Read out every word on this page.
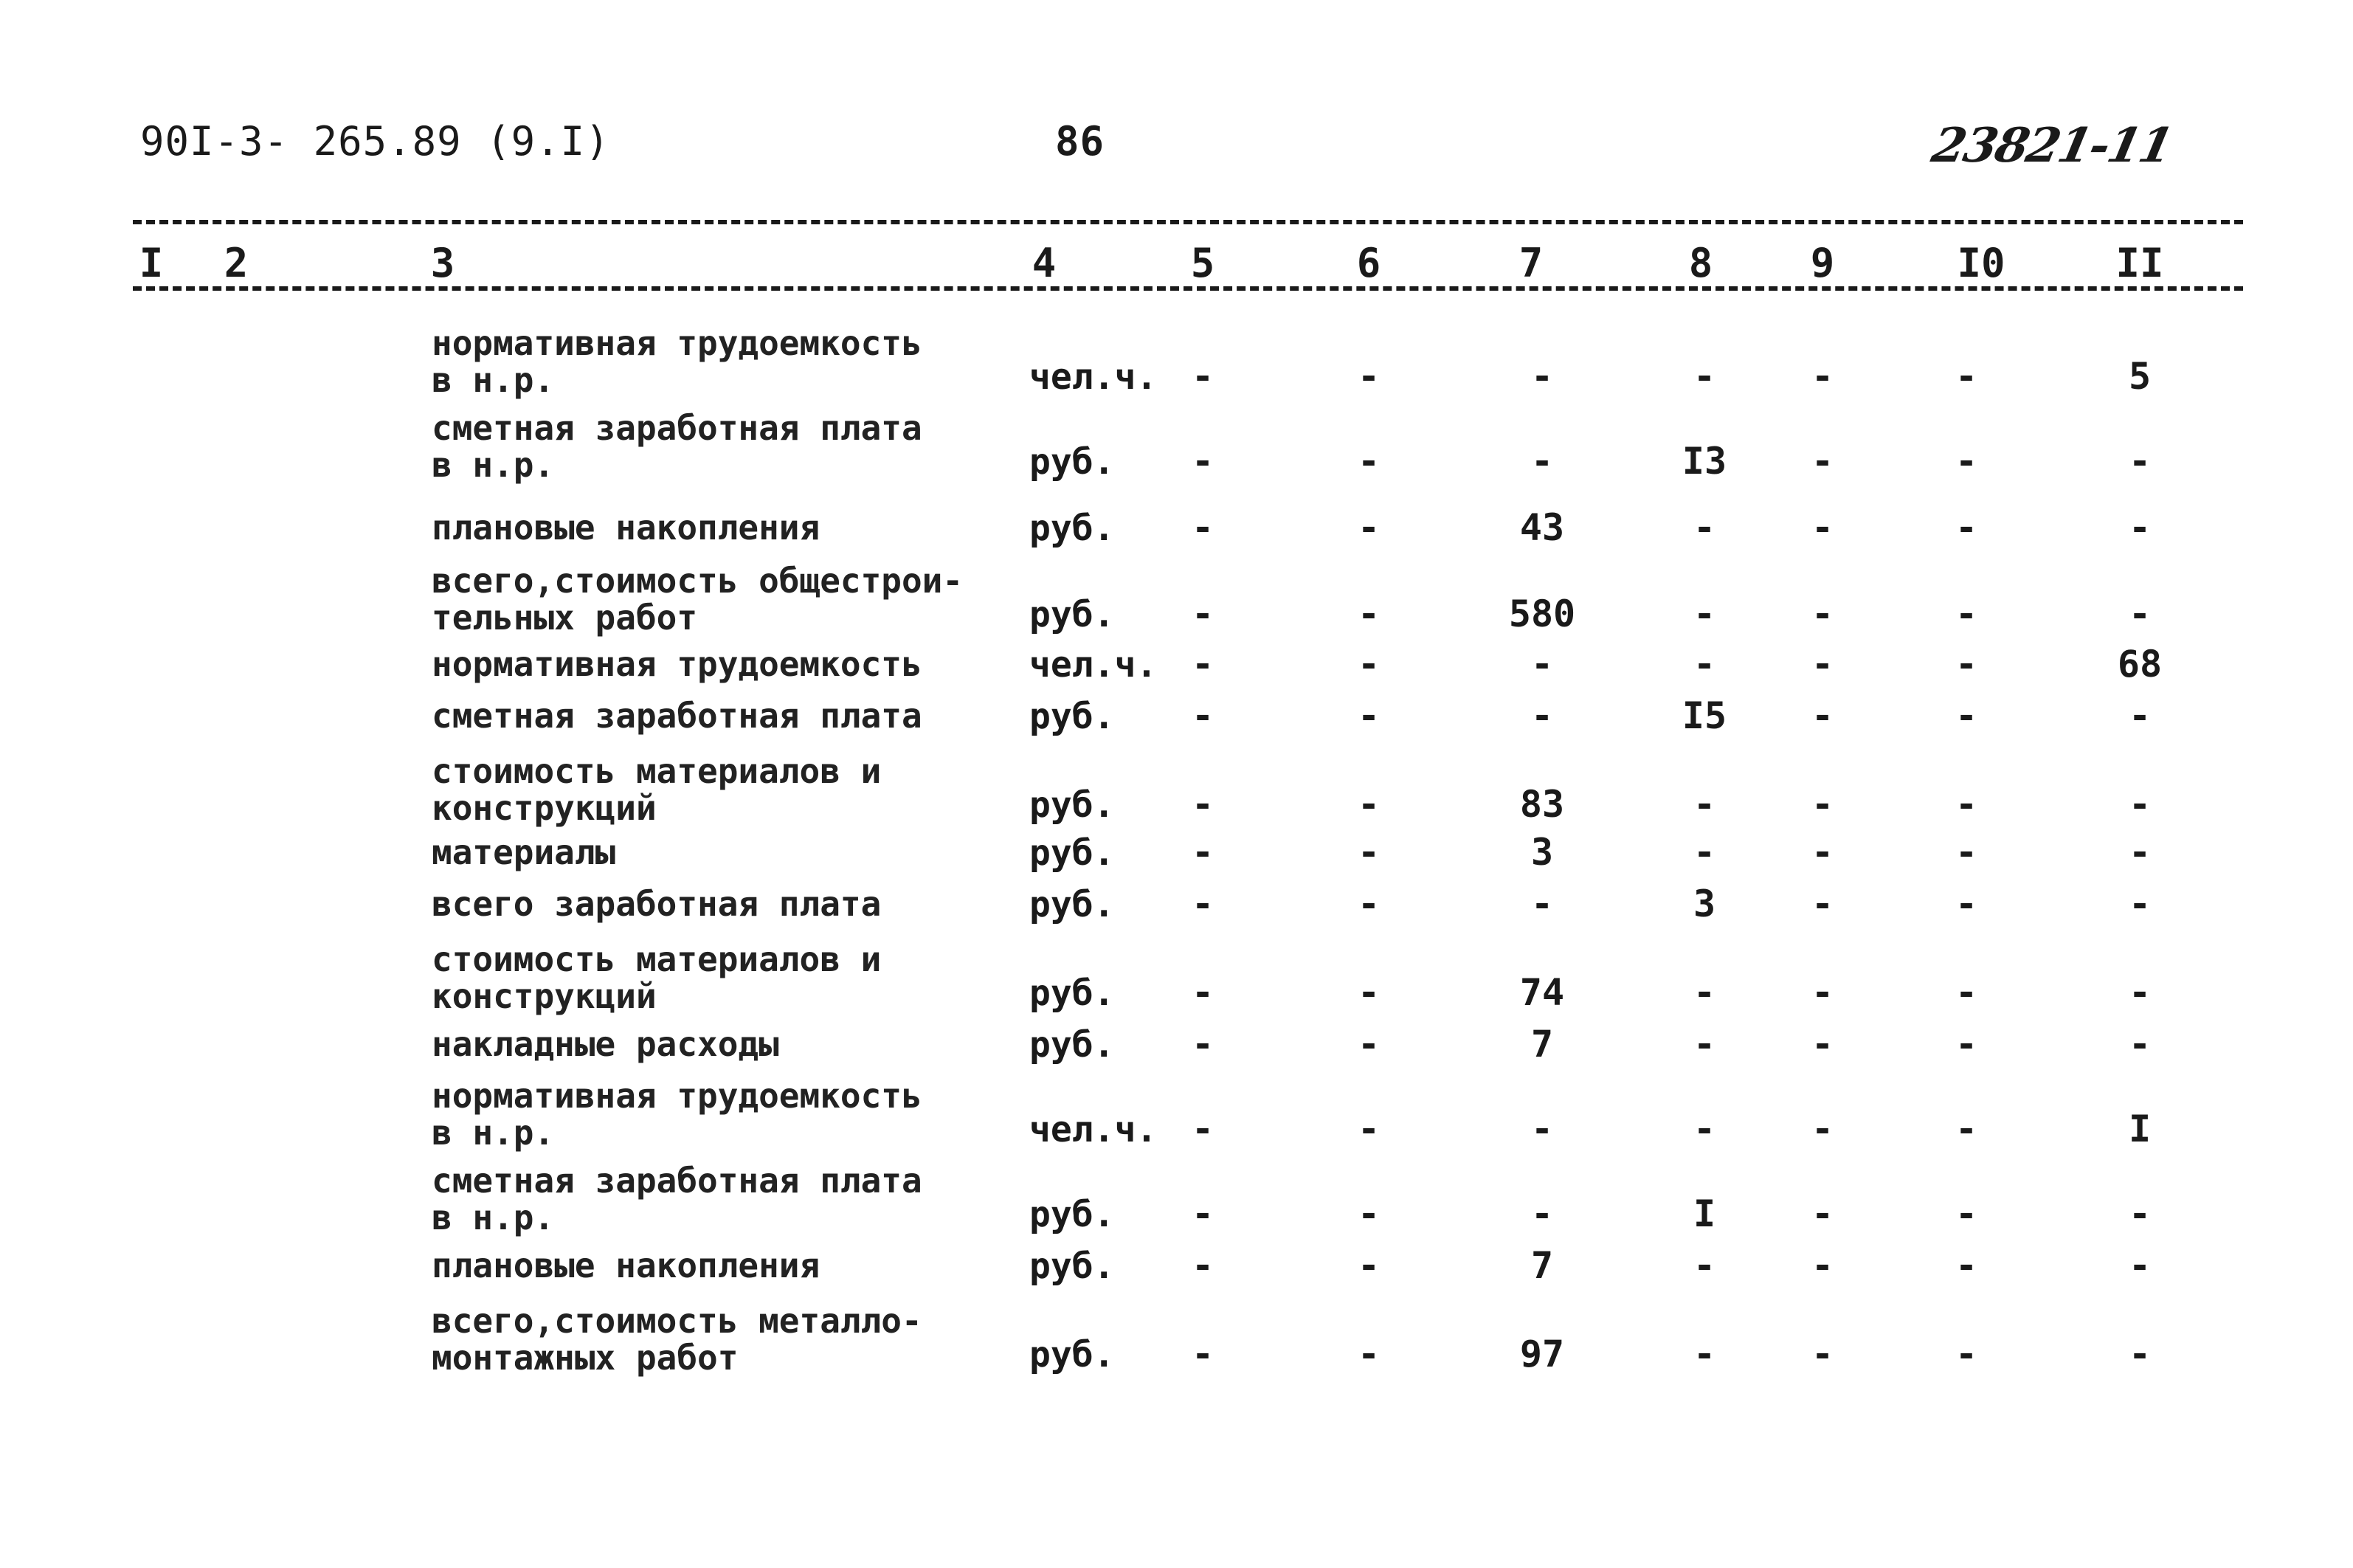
90I-3- 265.89 (9.I)	86	23821-11
I 2	3	4	5	6	7	8 9	I0	II
нормативная трудоемкость
в н.р.	чел.ч. -	-	-	-	-	-	5
сметная заработная плата
в н.р.	руб. -	-	-	I3 -	-	-
плановые накопления	руб. -	-	43	-	-	-	-
всего,стоимость общестрои-
тельных работ	руб. -	-	580	-	-	-	-
нормативная трудоемкость	чел.ч. -	-	-	-	-	-	68
сметная заработная плата	руб. -	-	-	I5 -	-	-
стоимость материалов и
конструкций	руб. -	-	83	-	-	-	-
материалы	руб. -	-	3	-	-	-	-
всего заработная плата	руб. -	-	-	3	-	-	-
стоимость материалов и
конструкций	руб. -	-	74	-	-	-	-
накладные расходы	руб. -	-	7	-	-	-	-
нормативная трудоемкость
в н.р.	чел.ч. -	-	-	-	-	-	I
сметная заработная плата
в н.р.	руб. -	-	-	I	-	-	-
плановые накопления	руб. -	-	7	-	-	-	-
всего,стоимость металло-
монтажных работ	руб. -	-	97	-	-	-	-
